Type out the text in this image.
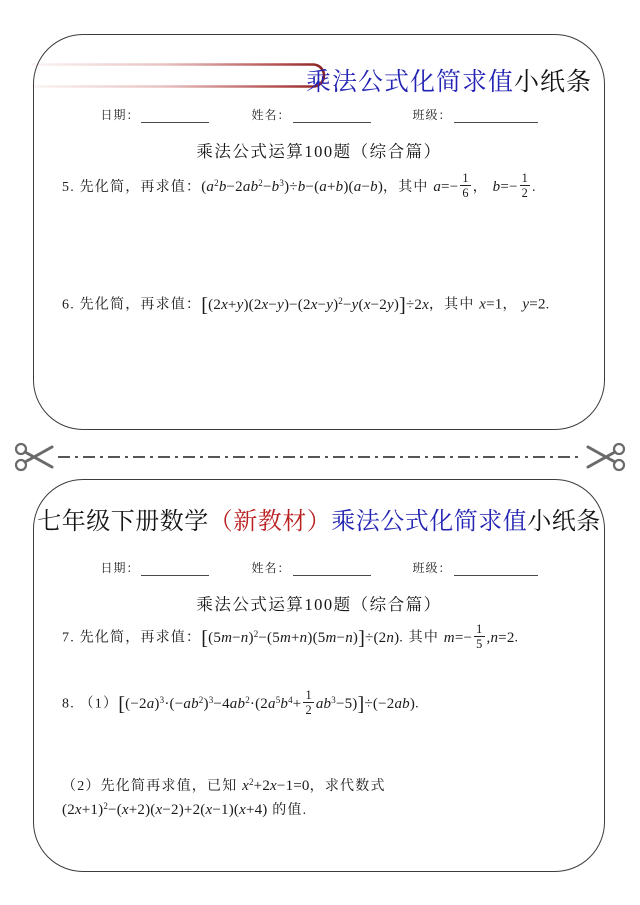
乘法公式化简求值小纸条
日期：	姓名：	班级：
乘法公式运算100题（综合篇）
5. 先化简，再求值：$(a^2b-2ab^2-b^3)\div b-(a+b)(a-b)$，其中 $a=- \frac{1}{6}$ ， $b=- \frac{1}{2}$ .
6. 先化简，再求值：$[(2x+y)(2x-y)-(2x-y)^2-y(x-2y)]\div 2x$，其中 x=1， y=2.
七年级下册数学（新教材）乘法公式化简求值小纸条
日期：	姓名：	班级：
乘法公式运算100题（综合篇）
7. 先化简，再求值：$[(5m-n)^2-(5m+n)(5m-n)]\div(2n)$. 其中 $m=- \frac{1}{5} ,n=2$.
8. $(1)[(-2a)^3\cdot(-ab^2)^3-4ab^2\cdot(2a^5b^4+ \frac{1}{2} ab^3-5)]\div(-2ab)$.
（2）先化简再求值，已知 $x^2+2x-1=0$，求代数式 $(2x+1)^2-(x+2)(x-2)+2(x-1)(x+4)$ 的值.
